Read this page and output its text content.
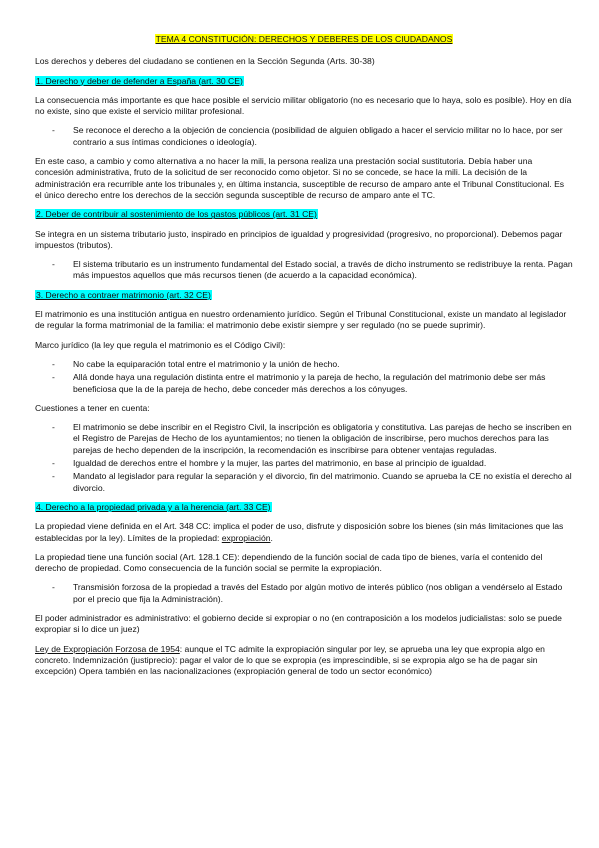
TEMA 4 CONSTITUCIÓN: DERECHOS Y DEBERES DE LOS CIUDADANOS

Los derechos y deberes del ciudadano se contienen en la Sección Segunda (Arts. 30-38)

1. Derecho y deber de defender a España (art. 30 CE)

La consecuencia más importante es que hace posible el servicio militar obligatorio (no es necesario que lo haya, solo es posible). Hoy en día no existe, sino que existe el servicio militar profesional.

- Se reconoce el derecho a la objeción de conciencia (posibilidad de alguien obligado a hacer el servicio militar no lo hace, por ser contrario a sus íntimas condiciones o ideología).

En este caso, a cambio y como alternativa a no hacer la mili, la persona realiza una prestación social sustitutoria. Debía haber una concesión administrativa, fruto de la solicitud de ser reconocido como objetor. Si no se concede, se hace la mili. La decisión de la administración era recurrible ante los tribunales y, en última instancia, susceptible de recurso de amparo ante el Tribunal Constitucional. Es el único derecho entre los derechos de la sección segunda susceptible de recurso de amparo ante el TC.

2. Deber de contribuir al sostenimiento de los gastos públicos (art. 31 CE)

Se integra en un sistema tributario justo, inspirado en principios de igualdad y progresividad (progresivo, no proporcional). Debemos pagar impuestos (tributos).

- El sistema tributario es un instrumento fundamental del Estado social, a través de dicho instrumento se redistribuye la renta. Pagan más impuestos aquellos que más recursos tienen (de acuerdo a la capacidad económica).
3. Derecho a contraer matrimonio (art. 32 CE)

El matrimonio es una institución antigua en nuestro ordenamiento jurídico. Según el Tribunal Constitucional, existe un mandato al legislador de regular la forma matrimonial de la familia: el matrimonio debe existir siempre y ser regulado (no se puede suprimir).

Marco jurídico (la ley que regula el matrimonio es el Código Civil):

- No cabe la equiparación total entre el matrimonio y la unión de hecho.
- Allá donde haya una regulación distinta entre el matrimonio y la pareja de hecho, la regulación del matrimonio debe ser más beneficiosa que la de la pareja de hecho, debe conceder más derechos a los cónyuges.

Cuestiones a tener en cuenta:

- El matrimonio se debe inscribir en el Registro Civil, la inscripción es obligatoria y constitutiva. Las parejas de hecho se inscriben en el Registro de Parejas de Hecho de los ayuntamientos; no tienen la obligación de inscribirse, pero muchos derechos para las parejas de hecho dependen de la inscripción, la recomendación es inscribirse para obtener ventajas reguladas.
- Igualdad de derechos entre el hombre y la mujer, las partes del matrimonio, en base al principio de igualdad.
- Mandato al legislador para regular la separación y el divorcio, fin del matrimonio. Cuando se aprueba la CE no existía el derecho al divorcio.
4. Derecho a la propiedad privada y a la herencia (art. 33 CE)

La propiedad viene definida en el Art. 348 CC: implica el poder de uso, disfrute y disposición sobre los bienes (sin más limitaciones que las establecidas por la ley). Límites de la propiedad: expropiación.

La propiedad tiene una función social (Art. 128.1 CE): dependiendo de la función social de cada tipo de bienes, varía el contenido del derecho de propiedad. Como consecuencia de la función social se permite la expropiación.

- Transmisión forzosa de la propiedad a través del Estado por algún motivo de interés público (nos obligan a vendérselo al Estado por el precio que fija la Administración).

El poder administrador es administrativo: el gobierno decide si expropiar o no (en contraposición a los modelos judicialistas: solo se puede expropiar si lo dice un juez)

Ley de Expropiación Forzosa de 1954: aunque el TC admite la expropiación singular por ley, se aprueba una ley que expropia algo en concreto. Indemnización (justiprecio): pagar el valor de lo que se expropia (es imprescindible, si se expropia algo se ha de pagar sin excepción) Opera también en las nacionalizaciones (expropiación general de todo un sector económico)
